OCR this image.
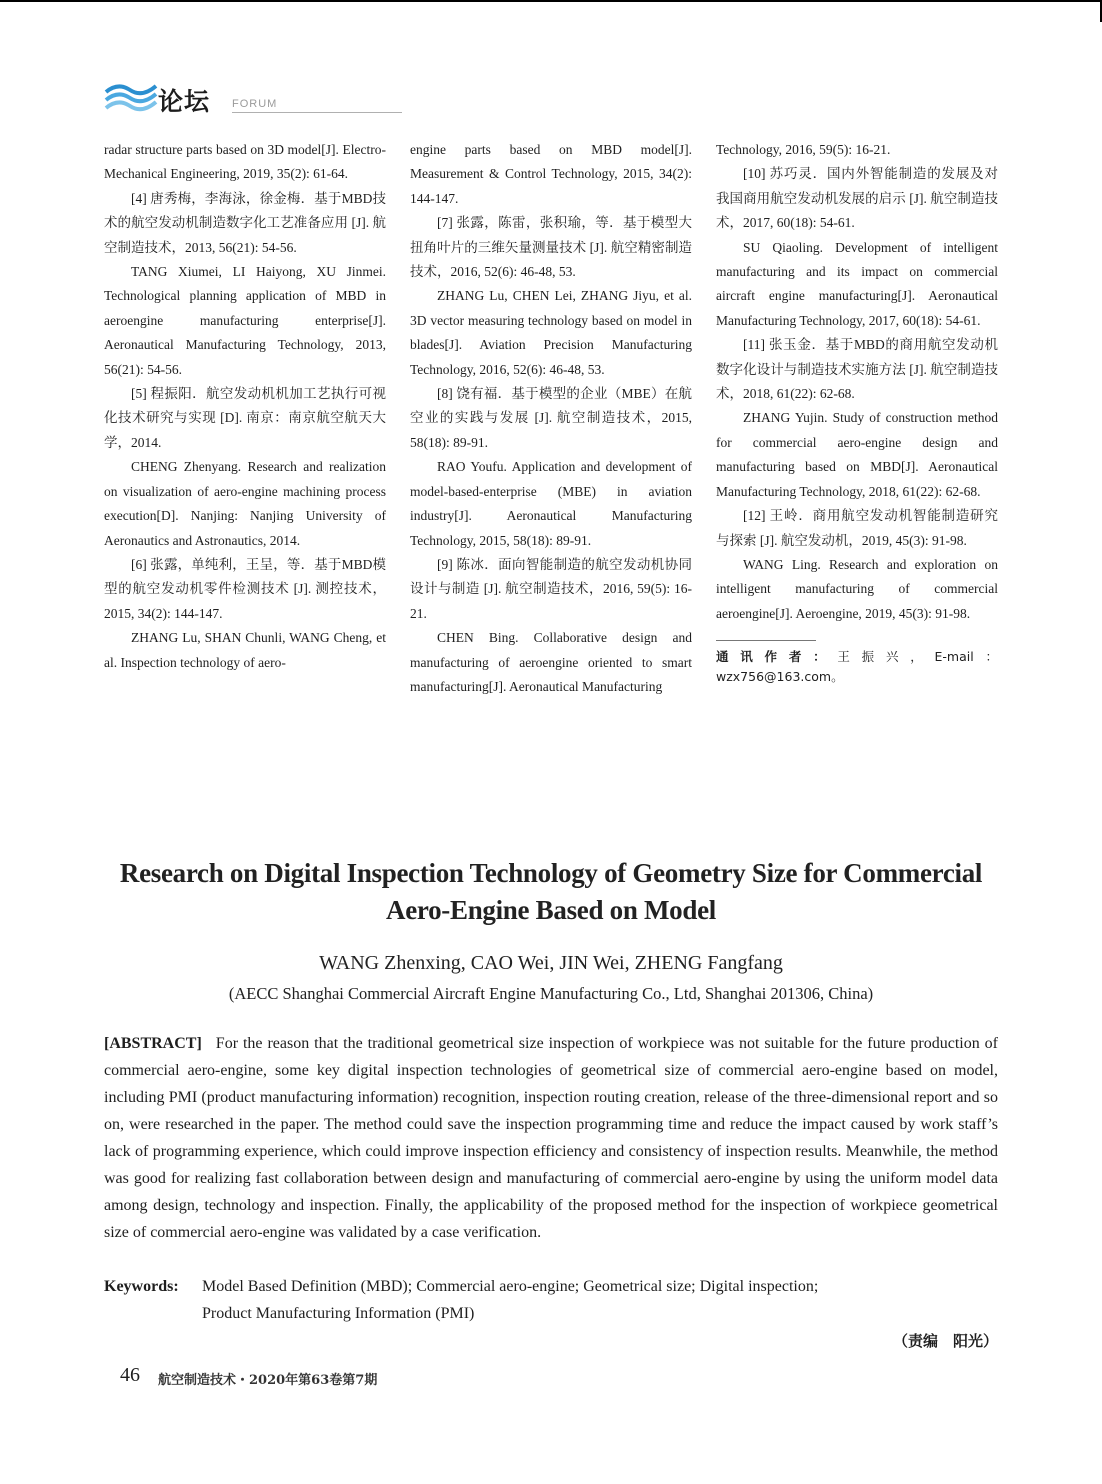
论坛 FORUM

radar structure parts based on 3D model[J]. Electro-Mechanical Engineering, 2019, 35(2): 61-64.

[4] 唐秀梅，李海泳，徐金梅．基于MBD技术的航空发动机制造数字化工艺准备应用 [J]. 航空制造技术，2013, 56(21): 54-56.

TANG Xiumei, LI Haiyong, XU Jinmei. Technological planning application of MBD in aeroengine manufacturing enterprise[J]. Aeronautical Manufacturing Technology, 2013, 56(21): 54-56.

[5] 程振阳．航空发动机机加工艺执行可视化技术研究与实现 [D]. 南京：南京航空航天大学，2014.

CHENG Zhenyang. Research and realization on visualization of aero-engine machining process execution[D]. Nanjing: Nanjing University of Aeronautics and Astronautics, 2014.

[6] 张露，单纯利，王呈，等．基于MBD模型的航空发动机零件检测技术 [J]. 测控技术，2015, 34(2): 144-147.

ZHANG Lu, SHAN Chunli, WANG Cheng, et al. Inspection technology of aero-

engine parts based on MBD model[J]. Measurement & Control Technology, 2015, 34(2): 144-147.

[7] 张露，陈雷，张积瑜，等．基于模型大扭角叶片的三维矢量测量技术 [J]. 航空精密制造技术，2016, 52(6): 46-48, 53.

ZHANG Lu, CHEN Lei, ZHANG Jiyu, et al. 3D vector measuring technology based on model in blades[J]. Aviation Precision Manufacturing Technology, 2016, 52(6): 46-48, 53.

[8] 饶有福．基于模型的企业（MBE）在航空业的实践与发展 [J]. 航空制造技术，2015, 58(18): 89-91.

RAO Youfu. Application and development of model-based-enterprise (MBE) in aviation industry[J]. Aeronautical Manufacturing Technology, 2015, 58(18): 89-91.

[9] 陈冰．面向智能制造的航空发动机协同设计与制造 [J]. 航空制造技术，2016, 59(5): 16-21.

CHEN Bing. Collaborative design and manufacturing of aeroengine oriented to smart manufacturing[J]. Aeronautical Manufacturing

Technology, 2016, 59(5): 16-21.

[10] 苏巧灵．国内外智能制造的发展及对我国商用航空发动机发展的启示 [J]. 航空制造技术，2017, 60(18): 54-61.

SU Qiaoling. Development of intelligent manufacturing and its impact on commercial aircraft engine manufacturing[J]. Aeronautical Manufacturing Technology, 2017, 60(18): 54-61.

[11] 张玉金．基于MBD的商用航空发动机数字化设计与制造技术实施方法 [J]. 航空制造技术，2018, 61(22): 62-68.

ZHANG Yujin. Study of construction method for commercial aero-engine design and manufacturing based on MBD[J]. Aeronautical Manufacturing Technology, 2018, 61(22): 62-68.

[12] 王岭．商用航空发动机智能制造研究与探索 [J]. 航空发动机，2019, 45(3): 91-98.

WANG Ling. Research and exploration on intelligent manufacturing of commercial aeroengine[J]. Aeroengine, 2019, 45(3): 91-98.

通讯作者：王振兴，E-mail：wzx756@163.com。

Research on Digital Inspection Technology of Geometry Size for Commercial
Aero-Engine Based on Model
WANG Zhenxing, CAO Wei, JIN Wei, ZHENG Fangfang
(AECC Shanghai Commercial Aircraft Engine Manufacturing Co., Ltd, Shanghai 201306, China)

[ABSTRACT] For the reason that the traditional geometrical size inspection of workpiece was not suitable for the future production of commercial aero-engine, some key digital inspection technologies of geometrical size of commercial aero-engine based on model, including PMI (product manufacturing information) recognition, inspection routing creation, release of the three-dimensional report and so on, were researched in the paper. The method could save the inspection programming time and reduce the impact caused by work staff’s lack of programming experience, which could improve inspection efficiency and consistency of inspection results. Meanwhile, the method was good for realizing fast collaboration between design and manufacturing of commercial aero-engine by using the uniform model data among design, technology and inspection. Finally, the applicability of the proposed method for the inspection of workpiece geometrical size of commercial aero-engine was validated by a case verification.

Keywords: Model Based Definition (MBD); Commercial aero-engine; Geometrical size; Digital inspection;
Product Manufacturing Information (PMI)
（责编　阳光）
46 航空制造技术・2020年第63卷第7期
